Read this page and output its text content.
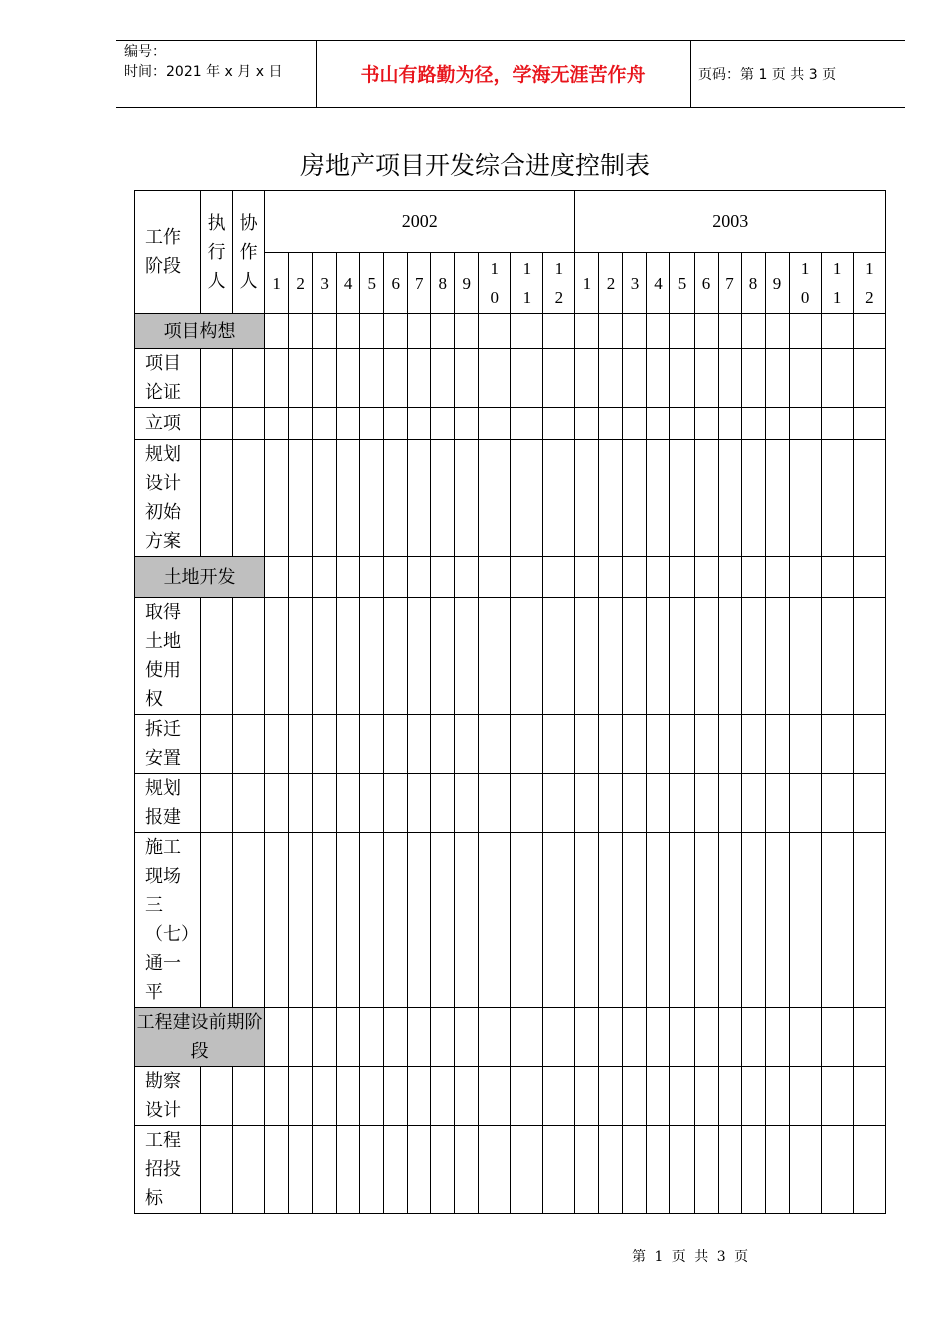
编号：
时间：2021 年 x 月 x 日	书山有路勤为径，学海无涯苦作舟	页码：第 1 页 共 3 页
房地产项目开发综合进度控制表
工作阶段	执行人	协作人	2002												2003											

			1	2	3	4	5	6	7	8	9	10	11	12	1	2	3	4	5	6	7	8	9	10	11	12

项目构想																										

项目论证																										

立项																										

规划设计初始方案																										

土地开发																										

取得土地使用权																										

拆迁安置																										

规划报建																										

施工现场三（七）通一平																										

工程建设前期阶段																										

勘察设计																										

工程招投标																										

第 1 页 共 3 页
